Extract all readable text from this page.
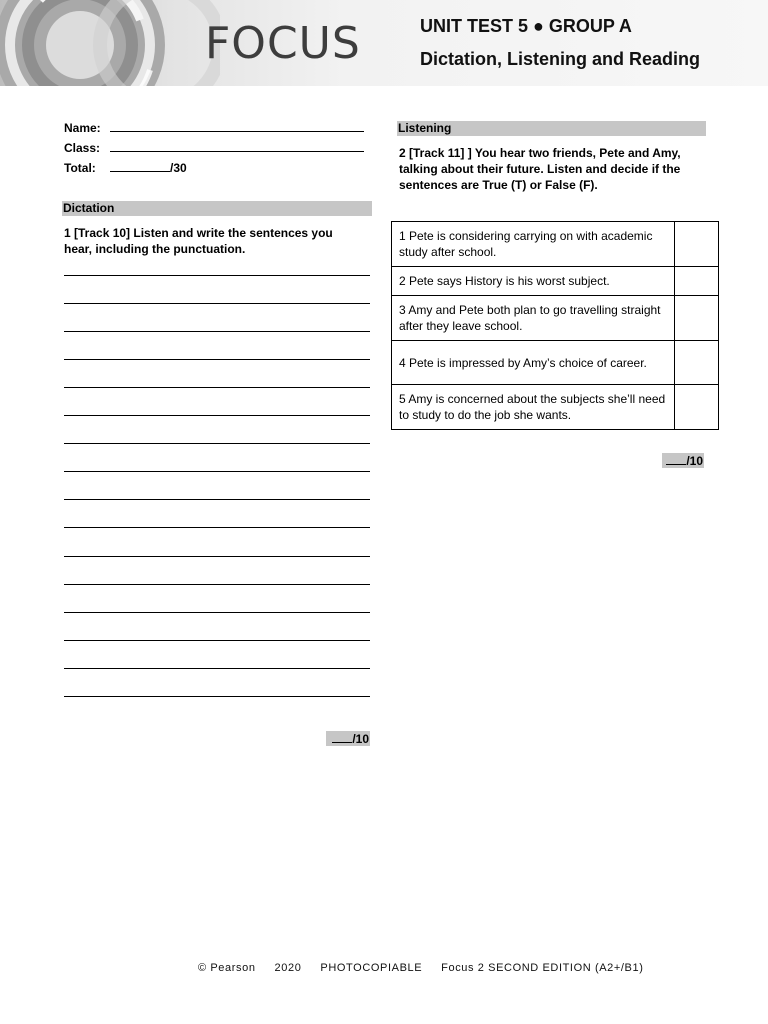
FOCUS	UNIT TEST 5 ● GROUP A
Dictation, Listening and Reading
Name:
Class:
Total:	/30
Dictation
1 [Track 10] Listen and write the sentences you hear, including the punctuation.
/10
Listening
2 [Track 11] ] You hear two friends, Pete and Amy, talking about their future. Listen and decide if the sentences are True (T) or False (F).
1 Pete is considering carrying on with academic study after school.	
2 Pete says History is his worst subject.	
3 Amy and Pete both plan to go travelling straight after they leave school.	
4 Pete is impressed by Amy’s choice of career.	
5 Amy is concerned about the subjects she’ll need to study to do the job she wants.	
/10
© Pearson 2020 PHOTOCOPIABLE Focus 2 SECOND EDITION (A2+/B1)
